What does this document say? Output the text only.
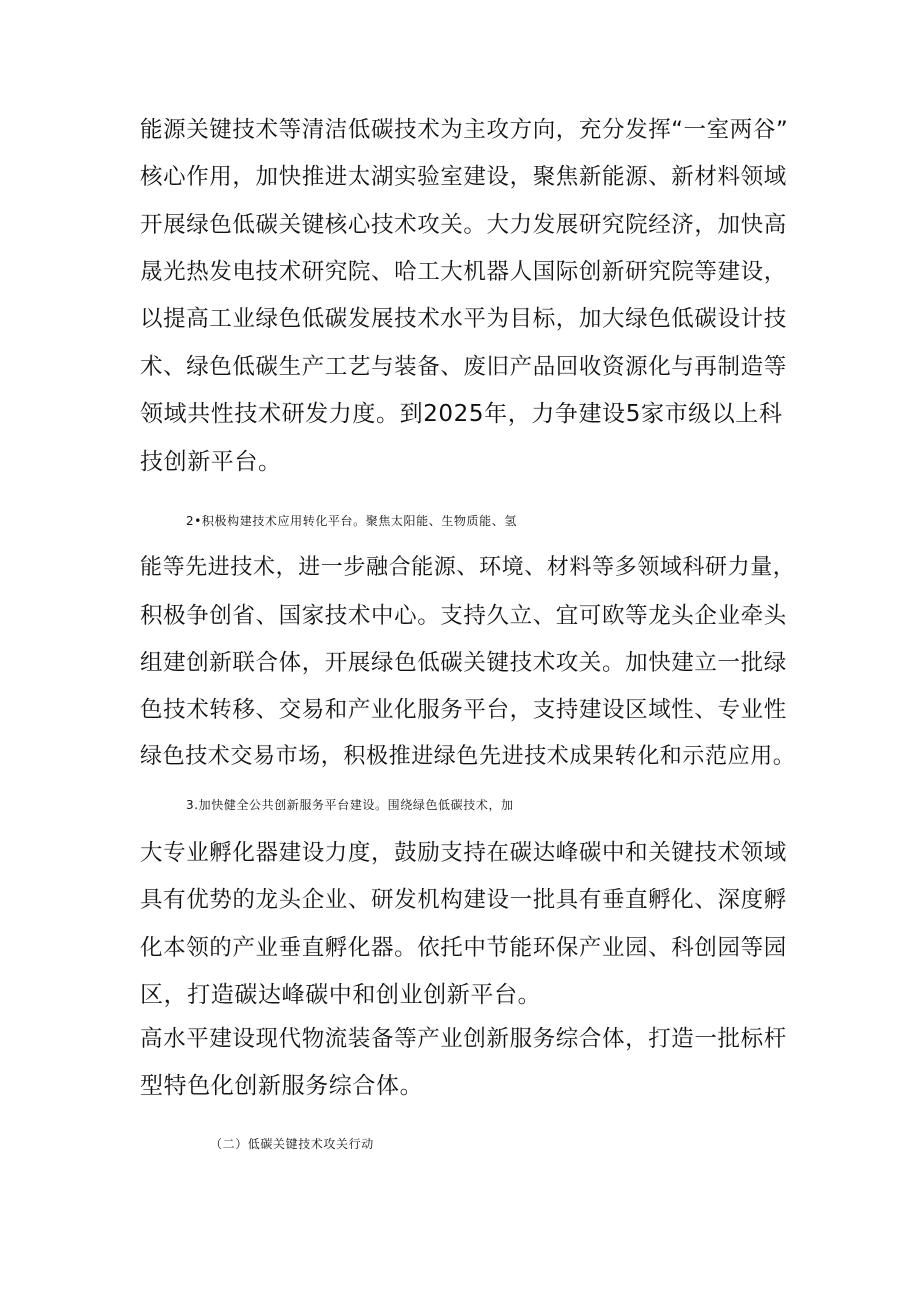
能源关键技术等清洁低碳技术为主攻方向，充分发挥“一室两谷”
核心作用，加快推进太湖实验室建设，聚焦新能源、新材料领域
开展绿色低碳关键核心技术攻关。大力发展研究院经济，加快高
晟光热发电技术研究院、哈工大机器人国际创新研究院等建设，
以提高工业绿色低碳发展技术水平为目标，加大绿色低碳设计技
术、绿色低碳生产工艺与装备、废旧产品回收资源化与再制造等
领域共性技术研发力度。到2025年，力争建设5家市级以上科
技创新平台。
2•积极构建技术应用转化平台。聚焦太阳能、生物质能、氢
能等先进技术，进一步融合能源、环境、材料等多领域科研力量，
积极争创省、国家技术中心。支持久立、宜可欧等龙头企业牵头
组建创新联合体，开展绿色低碳关键技术攻关。加快建立一批绿
色技术转移、交易和产业化服务平台，支持建设区域性、专业性
绿色技术交易市场，积极推进绿色先进技术成果转化和示范应用。
3.加快健全公共创新服务平台建设。围绕绿色低碳技术，加
大专业孵化器建设力度，鼓励支持在碳达峰碳中和关键技术领域
具有优势的龙头企业、研发机构建设一批具有垂直孵化、深度孵
化本领的产业垂直孵化器。依托中节能环保产业园、科创园等园
区，打造碳达峰碳中和创业创新平台。
高水平建设现代物流装备等产业创新服务综合体，打造一批标杆
型特色化创新服务综合体。
（二）低碳关键技术攻关行动
